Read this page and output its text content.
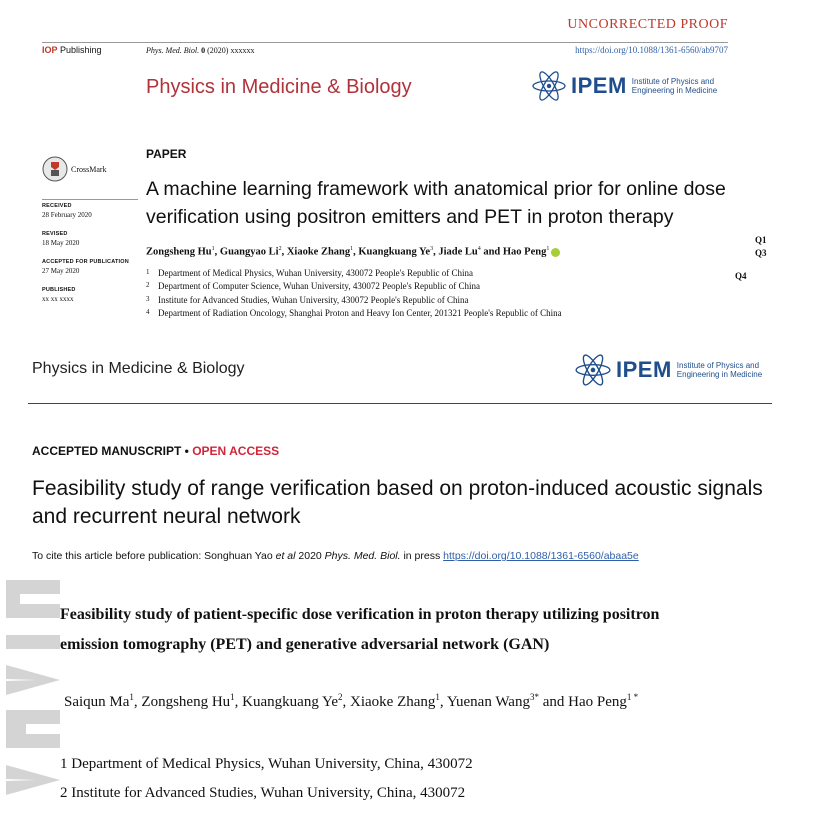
UNCORRECTED PROOF
IOP Publishing	Phys. Med. Biol. 0 (2020) xxxxxx	https://doi.org/10.1088/1361-6560/ab9707
Physics in Medicine & Biology	IPEM Institute of Physics and
Engineering in Medicine
CrossMark
RECEIVED
28 February 2020
REVISED
18 May 2020
ACCEPTED FOR PUBLICATION
27 May 2020
PUBLISHED
xx xx xxxx
PAPER
A machine learning framework with anatomical prior for online dose verification using positron emitters and PET in proton therapy
Zongsheng Hu$^1$, Guangyao Li$^2$, Xiaoke Zhang$^1$, Kuangkuang Ye$^3$, Jiade Lu$^4$ and Hao Peng$^1$
Q1
Q3
Q4
1 Department of Medical Physics, Wuhan University, 430072 People's Republic of China
2 Department of Computer Science, Wuhan University, 430072 People's Republic of China
3 Institute for Advanced Studies, Wuhan University, 430072 People's Republic of China
4 Department of Radiation Oncology, Shanghai Proton and Heavy Ion Center, 201321 People's Republic of China
Physics in Medicine & Biology	IPEM Institute of Physics and
Engineering in Medicine
ACCEPTED MANUSCRIPT • OPEN ACCESS
Feasibility study of range verification based on proton-induced acoustic signals and recurrent neural network
To cite this article before publication: Songhuan Yao et al 2020 Phys. Med. Biol. in press https://doi.org/10.1088/1361-6560/abaa5e
Feasibility study of patient-specific dose verification in proton therapy utilizing positron
emission tomography (PET) and generative adversarial network (GAN)
Saiqun Ma$^1$, Zongsheng Hu$^1$, Kuangkuang Ye$^2$, Xiaoke Zhang$^1$, Yuenan Wang$^{3*}$ and Hao Peng$^{1 *}$
1 Department of Medical Physics, Wuhan University, China, 430072
2 Institute for Advanced Studies, Wuhan University, China, 430072
